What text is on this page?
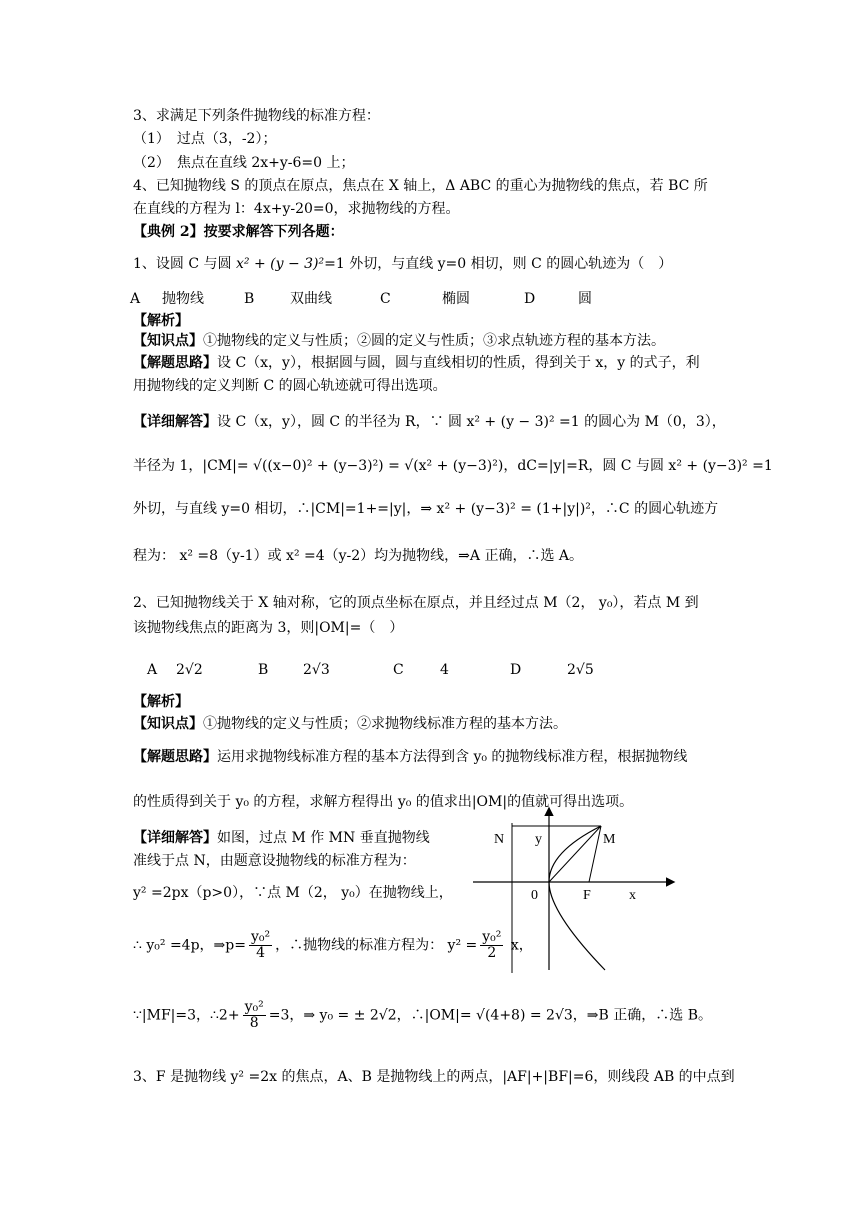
3、求满足下列条件抛物线的标准方程：
（1）　过点（3，-2）；
（2）　焦点在直线 2x+y-6=0 上；
4、已知抛物线 S 的顶点在原点，焦点在 X 轴上，Δ ABC 的重心为抛物线的焦点，若 BC 所
在直线的方程为 l：4x+y-20=0，求抛物线的方程。
【典例 2】按要求解答下列各题：
1、设圆 C 与圆 x² + (y − 3)²=1 外切，与直线 y=0 相切，则 C 的圆心轨迹为（　）
A 抛物线	B	双曲线	C	椭圆	D	圆
【解析】
【知识点】①抛物线的定义与性质；②圆的定义与性质；③求点轨迹方程的基本方法。
【解题思路】设 C（x，y），根据圆与圆，圆与直线相切的性质，得到关于 x，y 的式子，利
用抛物线的定义判断 C 的圆心轨迹就可得出选项。
【详细解答】设 C（x，y），圆 C 的半径为 R，∵ 圆 x² + (y − 3)² =1 的圆心为 M（0，3），
半径为 1，|CM|= √((x−0)² + (y−3)²) = √(x² + (y−3)²)，dC=|y|=R，圆 C 与圆 x² + (y−3)² =1
外切，与直线 y=0 相切，∴|CM|=1+=|y|，⇒ x² + (y−3)² = (1+|y|)²，∴C 的圆心轨迹方
程为： x² =8（y-1）或 x² =4（y-2）均为抛物线，⇒A 正确，∴选 A。
2、已知抛物线关于 X 轴对称，它的顶点坐标在原点，并且经过点 M（2， y₀），若点 M 到
该抛物线焦点的距离为 3，则|OM|=（　）
A 2√2	B 2√3	C	4	D	2√5
【解析】
【知识点】①抛物线的定义与性质；②求抛物线标准方程的基本方法。
【解题思路】运用求抛物线标准方程的基本方法得到含 y₀ 的抛物线标准方程，根据抛物线
的性质得到关于 y₀ 的方程，求解方程得出 y₀ 的值求出|OM|的值就可得出选项。
【详细解答】如图，过点 M 作 MN 垂直抛物线
准线于点 N，由题意设抛物线的标准方程为：
y² =2px（p>0），∵点 M（2， y₀）在抛物线上，
∴ y₀² =4p，⇒p= $\frac{\text{y₀²}}{4}$ ，∴抛物线的标准方程为： $y^2 = \frac{\text{y₀²}}{2}$ x，
∵|MF|=3，∴2+ $\frac{\text{y₀²}}{8} =3$，⇒ y₀ = ± 2√2，∴|OM|= √(4+8) = 2√3，⇒B 正确，∴选 B。
3、F 是抛物线 y² =2x 的焦点，A、B 是抛物线上的两点，|AF|+|BF|=6，则线段 AB 的中点到
N y	M
0	F	x
